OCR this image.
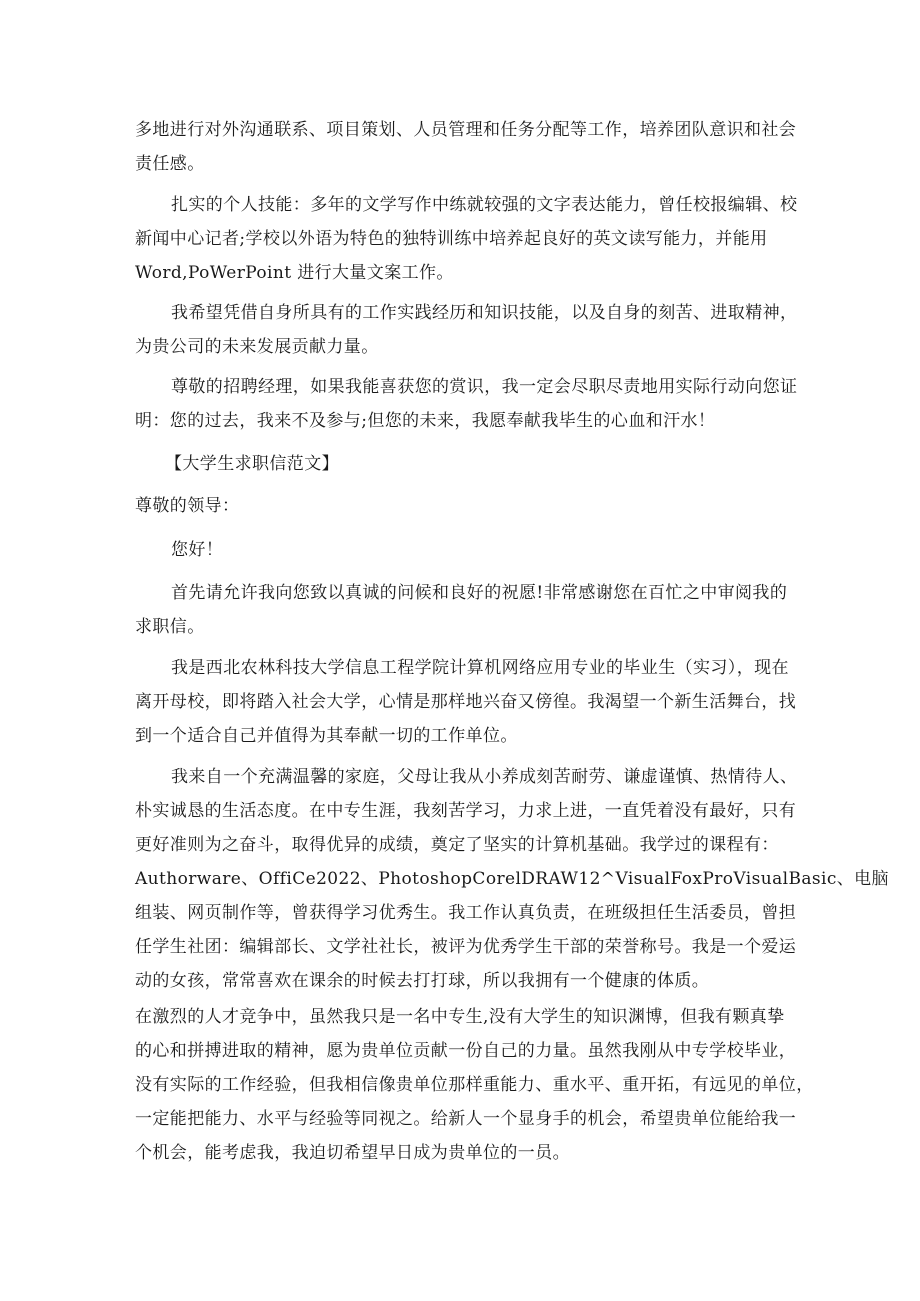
多地进行对外沟通联系、项目策划、人员管理和任务分配等工作，培养团队意识和社会
责任感。
扎实的个人技能：多年的文学写作中练就较强的文字表达能力，曾任校报编辑、校
新闻中心记者;学校以外语为特色的独特训练中培养起良好的英文读写能力，并能用
Word,PoWerPoint 进行大量文案工作。
我希望凭借自身所具有的工作实践经历和知识技能，以及自身的刻苦、进取精神，
为贵公司的未来发展贡献力量。
尊敬的招聘经理，如果我能喜获您的赏识，我一定会尽职尽责地用实际行动向您证
明：您的过去，我来不及参与;但您的未来，我愿奉献我毕生的心血和汗水！
【大学生求职信范文】
尊敬的领导：
您好！
首先请允许我向您致以真诚的问候和良好的祝愿!非常感谢您在百忙之中审阅我的
求职信。
我是西北农林科技大学信息工程学院计算机网络应用专业的毕业生（实习），现在
离开母校，即将踏入社会大学，心情是那样地兴奋又傍徨。我渴望一个新生活舞台，找
到一个适合自己并值得为其奉献一切的工作单位。
我来自一个充满温馨的家庭，父母让我从小养成刻苦耐劳、谦虚谨慎、热情待人、
朴实诚恳的生活态度。在中专生涯，我刻苦学习，力求上进，一直凭着没有最好，只有
更好准则为之奋斗，取得优异的成绩，奠定了坚实的计算机基础。我学过的课程有：
Authorware、OffiCe2022、PhotoshopCorelDRAW12^VisualFoxProVisualBasic、电脑
组装、网页制作等，曾获得学习优秀生。我工作认真负责，在班级担任生活委员，曾担
任学生社团：编辑部长、文学社社长，被评为优秀学生干部的荣誉称号。我是一个爱运
动的女孩，常常喜欢在课余的时候去打打球，所以我拥有一个健康的体质。
在激烈的人才竞争中，虽然我只是一名中专生,没有大学生的知识渊博，但我有颗真挚
的心和拼搏进取的精神，愿为贵单位贡献一份自己的力量。虽然我刚从中专学校毕业，
没有实际的工作经验，但我相信像贵单位那样重能力、重水平、重开拓，有远见的单位，
一定能把能力、水平与经验等同视之。给新人一个显身手的机会，希望贵单位能给我一
个机会，能考虑我，我迫切希望早日成为贵单位的一员。
